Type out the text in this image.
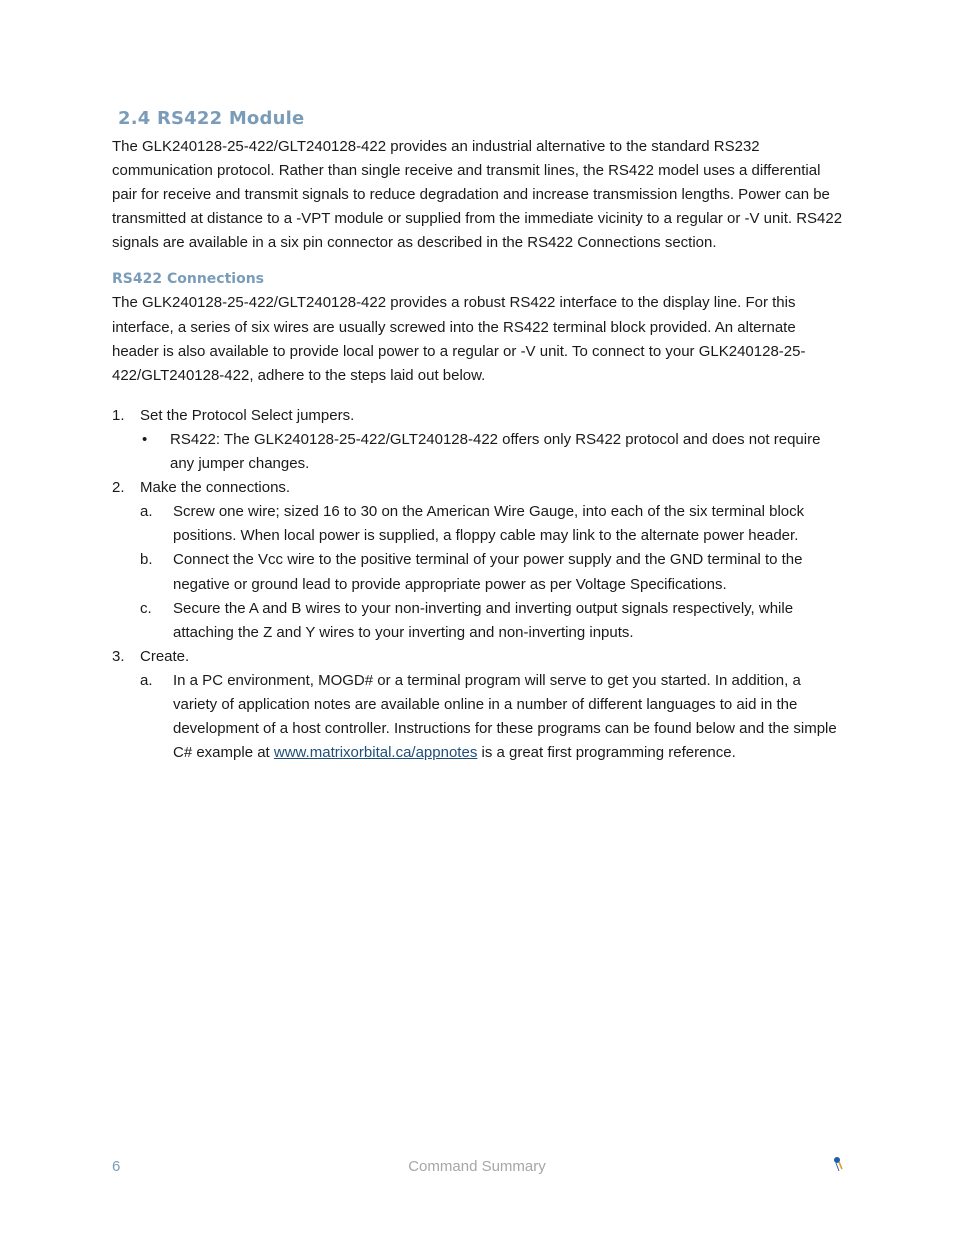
2.4 RS422 Module

The GLK240128-25-422/GLT240128-422 provides an industrial alternative to the standard RS232 communication protocol. Rather than single receive and transmit lines, the RS422 model uses a differential pair for receive and transmit signals to reduce degradation and increase transmission lengths. Power can be transmitted at distance to a -VPT module or supplied from the immediate vicinity to a regular or -V unit. RS422 signals are available in a six pin connector as described in the RS422 Connections section.

RS422 Connections

The GLK240128-25-422/GLT240128-422 provides a robust RS422 interface to the display line. For this interface, a series of six wires are usually screwed into the RS422 terminal block provided. An alternate header is also available to provide local power to a regular or -V unit. To connect to your GLK240128-25-422/GLT240128-422, adhere to the steps laid out below.

1.	Set the Protocol Select jumpers.
•	RS422: The GLK240128-25-422/GLT240128-422 offers only RS422 protocol and does not require any jumper changes.
2.	Make the connections.
a.	Screw one wire; sized 16 to 30 on the American Wire Gauge, into each of the six terminal block positions. When local power is supplied, a floppy cable may link to the alternate power header.
b.	Connect the Vcc wire to the positive terminal of your power supply and the GND terminal to the negative or ground lead to provide appropriate power as per Voltage Specifications.
c.	Secure the A and B wires to your non-inverting and inverting output signals respectively, while attaching the Z and Y wires to your inverting and non-inverting inputs.
3.	Create.
a.	In a PC environment, MOGD# or a terminal program will serve to get you started. In addition, a variety of application notes are available online in a number of different languages to aid in the development of a host controller. Instructions for these programs can be found below and the simple C# example at www.matrixorbital.ca/appnotes is a great first programming reference.
6	Command Summary
